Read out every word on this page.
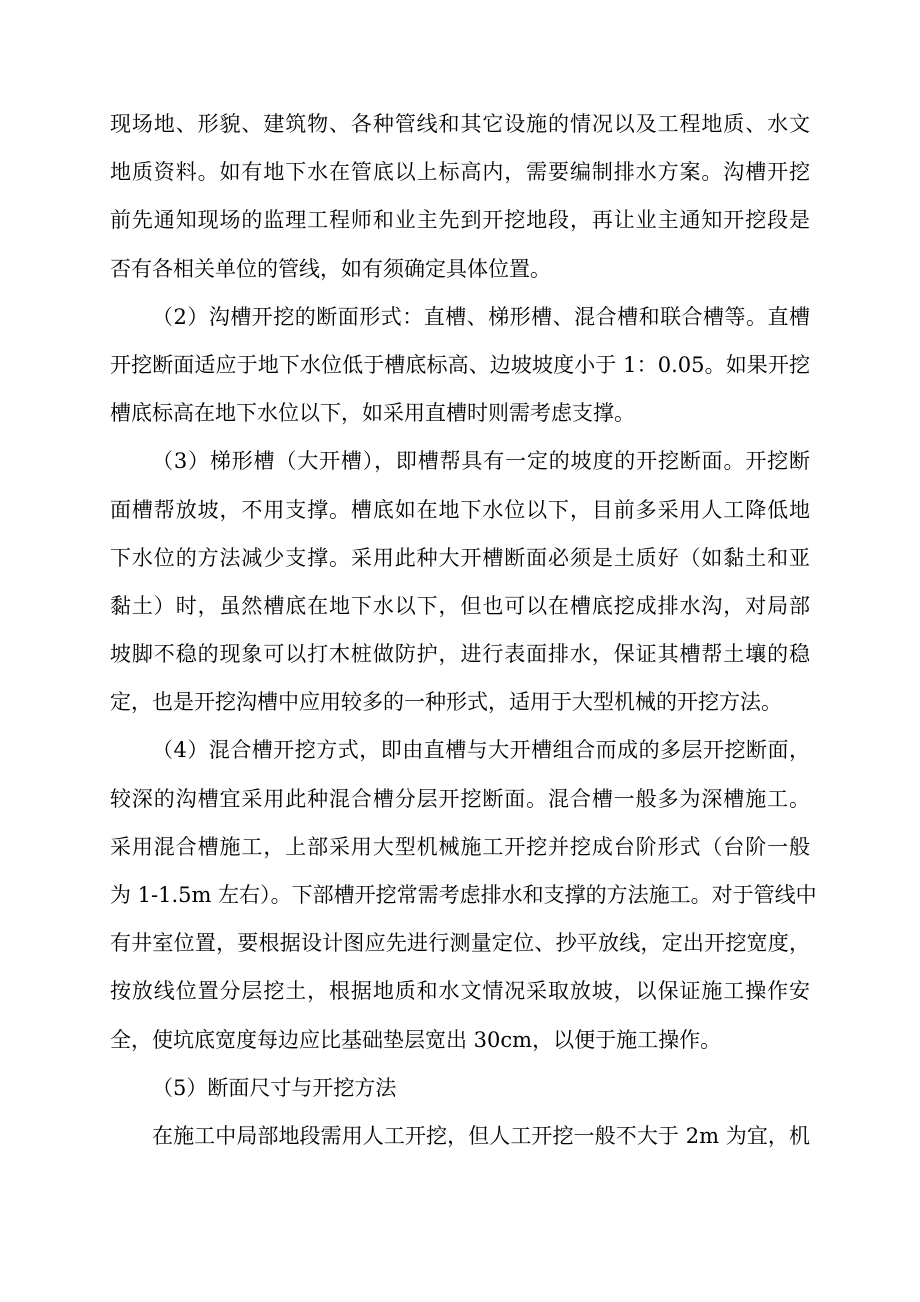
现场地、形貌、建筑物、各种管线和其它设施的情况以及工程地质、水文
地质资料。如有地下水在管底以上标高内，需要编制排水方案。沟槽开挖
前先通知现场的监理工程师和业主先到开挖地段，再让业主通知开挖段是
否有各相关单位的管线，如有须确定具体位置。
（2）沟槽开挖的断面形式：直槽、梯形槽、混合槽和联合槽等。直槽
开挖断面适应于地下水位低于槽底标高、边坡坡度小于 1：0.05。如果开挖
槽底标高在地下水位以下，如采用直槽时则需考虑支撑。
（3）梯形槽（大开槽），即槽帮具有一定的坡度的开挖断面。开挖断
面槽帮放坡，不用支撑。槽底如在地下水位以下，目前多采用人工降低地
下水位的方法减少支撑。采用此种大开槽断面必须是土质好（如黏土和亚
黏土）时，虽然槽底在地下水以下，但也可以在槽底挖成排水沟，对局部
坡脚不稳的现象可以打木桩做防护，进行表面排水，保证其槽帮土壤的稳
定，也是开挖沟槽中应用较多的一种形式，适用于大型机械的开挖方法。
（4）混合槽开挖方式，即由直槽与大开槽组合而成的多层开挖断面，
较深的沟槽宜采用此种混合槽分层开挖断面。混合槽一般多为深槽施工。
采用混合槽施工，上部采用大型机械施工开挖并挖成台阶形式（台阶一般
为 1-1.5m 左右）。下部槽开挖常需考虑排水和支撑的方法施工。对于管线中
有井室位置，要根据设计图应先进行测量定位、抄平放线，定出开挖宽度，
按放线位置分层挖土，根据地质和水文情况采取放坡，以保证施工操作安
全，使坑底宽度每边应比基础垫层宽出 30cm，以便于施工操作。
（5）断面尺寸与开挖方法
在施工中局部地段需用人工开挖，但人工开挖一般不大于 2m 为宜，机
